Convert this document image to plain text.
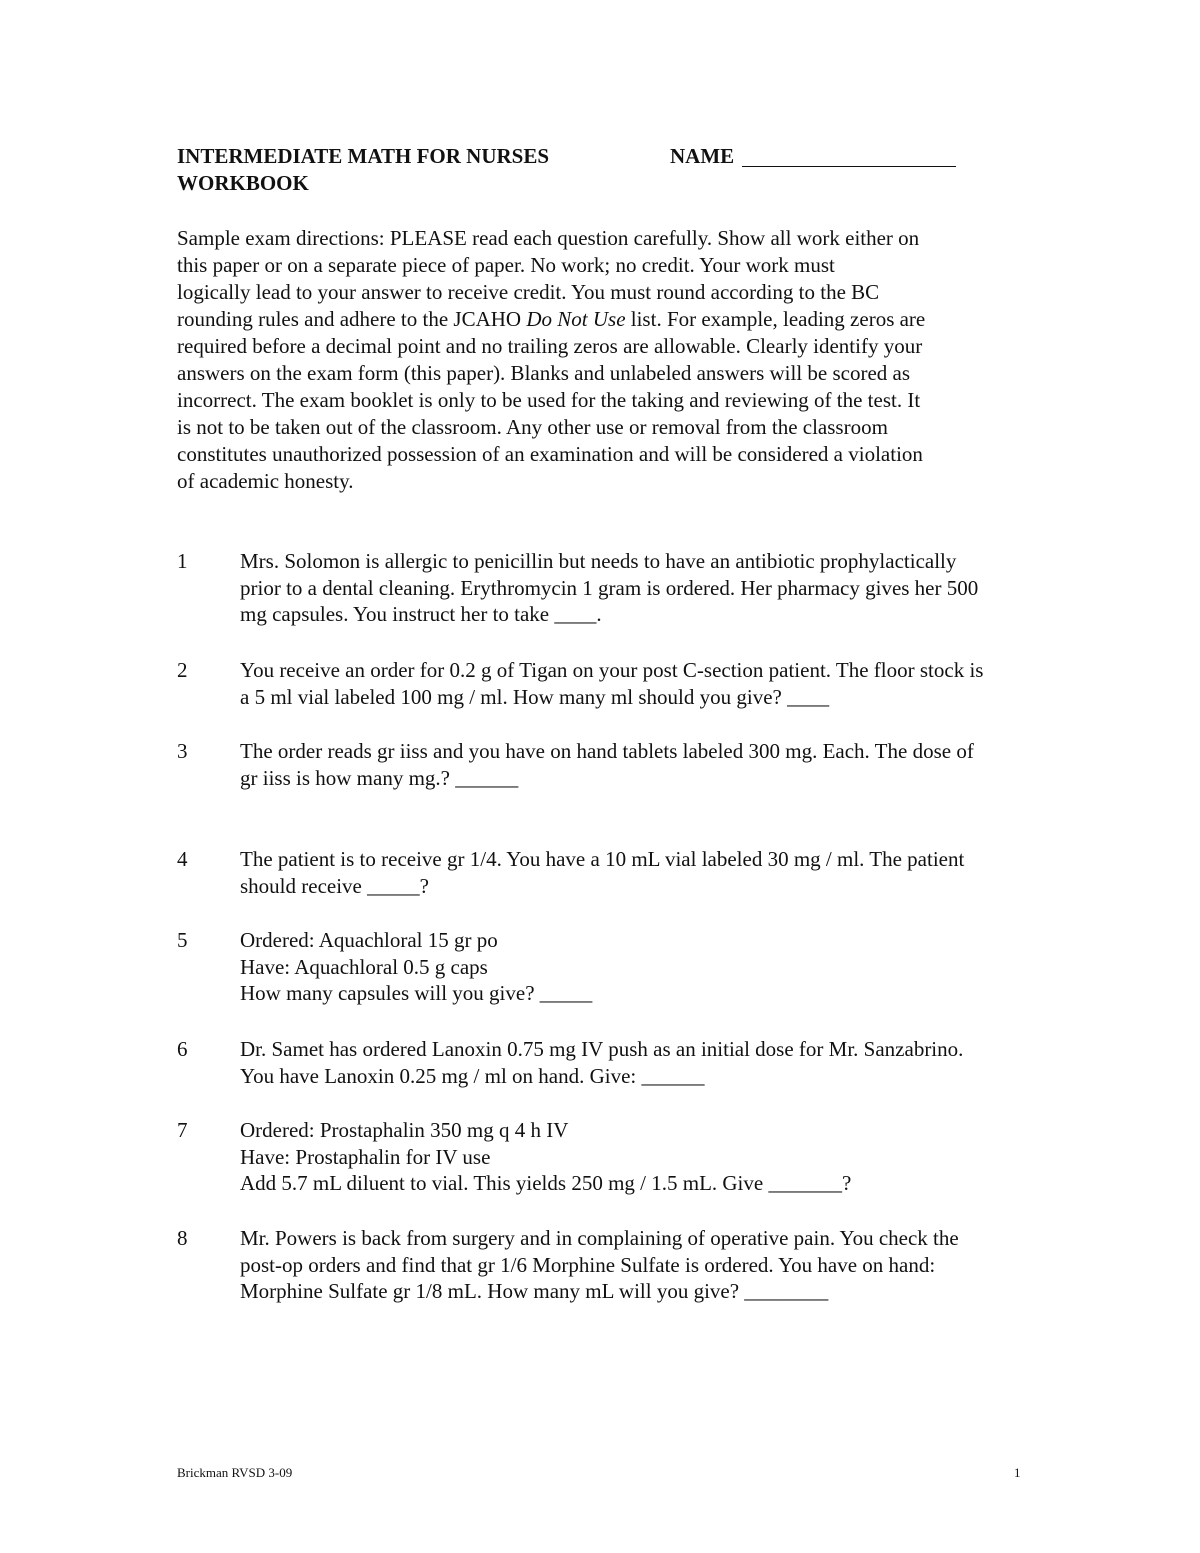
INTERMEDIATE MATH FOR NURSES	NAME
WORKBOOK
Sample exam directions: PLEASE read each question carefully. Show all work either on
this paper or on a separate piece of paper. No work; no credit. Your work must
logically lead to your answer to receive credit. You must round according to the BC
rounding rules and adhere to the JCAHO Do Not Use list. For example, leading zeros are
required before a decimal point and no trailing zeros are allowable. Clearly identify your
answers on the exam form (this paper). Blanks and unlabeled answers will be scored as
incorrect. The exam booklet is only to be used for the taking and reviewing of the test. It
is not to be taken out of the classroom. Any other use or removal from the classroom
constitutes unauthorized possession of an examination and will be considered a violation
of academic honesty.
1	Mrs. Solomon is allergic to penicillin but needs to have an antibiotic prophylactically
prior to a dental cleaning. Erythromycin 1 gram is ordered. Her pharmacy gives her 500
mg capsules. You instruct her to take ____.
2	You receive an order for 0.2 g of Tigan on your post C-section patient. The floor stock is
a 5 ml vial labeled 100 mg / ml. How many ml should you give? ____
3	The order reads gr iiss and you have on hand tablets labeled 300 mg. Each. The dose of
gr iiss is how many mg.? ______
4	The patient is to receive gr 1/4. You have a 10 mL vial labeled 30 mg / ml. The patient
should receive _____?
5	Ordered: Aquachloral 15 gr po
Have: Aquachloral 0.5 g caps
How many capsules will you give? _____
6	Dr. Samet has ordered Lanoxin 0.75 mg IV push as an initial dose for Mr. Sanzabrino.
You have Lanoxin 0.25 mg / ml on hand. Give: ______
7	Ordered: Prostaphalin 350 mg q 4 h IV
Have: Prostaphalin for IV use
Add 5.7 mL diluent to vial. This yields 250 mg / 1.5 mL. Give _______?
8	Mr. Powers is back from surgery and in complaining of operative pain. You check the
post-op orders and find that gr 1/6 Morphine Sulfate is ordered. You have on hand:
Morphine Sulfate gr 1/8 mL. How many mL will you give? ________
Brickman RVSD 3-09	1
